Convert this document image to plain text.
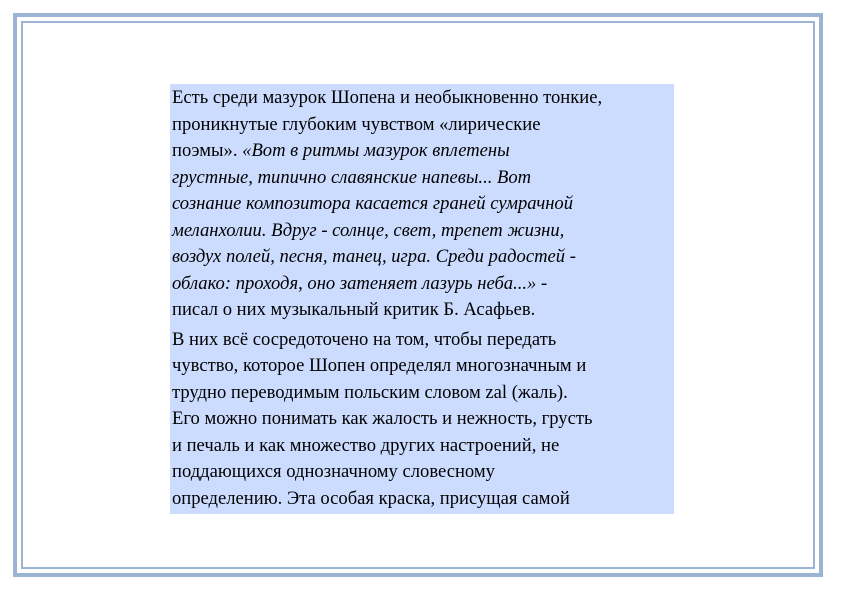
Есть среди мазурок Шопена и необыкновенно тонкие,
проникнутые глубоким чувством «лирические
поэмы». «Вот в ритмы мазурок вплетены
грустные, типично славянские напевы... Вот
сознание композитора касается граней сумрачной
меланхолии. Вдруг - солнце, свет, трепет жизни,
воздух полей, песня, танец, игра. Среди радостей -
облако: проходя, оно затеняет лазурь неба...» -
писал о них музыкальный критик Б. Асафьев.

В них всё сосредоточено на том, чтобы передать
чувство, которое Шопен определял многозначным и
трудно переводимым польским словом zal (жаль).
Его можно понимать как жалость и нежность, грусть
и печаль и как множество других настроений, не
поддающихся однозначному словесному
определению. Эта особая краска, присущая самой
